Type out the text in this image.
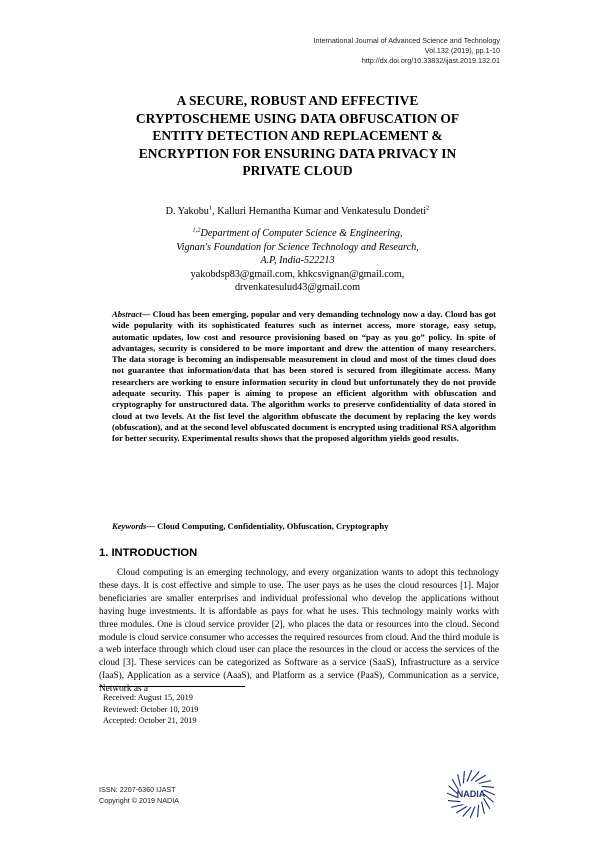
International Journal of Advanced Science and Technology
Vol.132 (2019), pp.1-10
http://dx.doi.org/10.33832/ijast.2019.132.01
A SECURE, ROBUST AND EFFECTIVE
CRYPTOSCHEME USING DATA OBFUSCATION OF
ENTITY DETECTION AND REPLACEMENT &
ENCRYPTION FOR ENSURING DATA PRIVACY IN
PRIVATE CLOUD
D. Yakobu$^1$, Kalluri Hemantha Kumar and Venkatesulu Dondeti$^2$
$^{1,2}$Department of Computer Science & Engineering,
Vignan's Foundation for Science Technology and Research,
A.P, India-522213
yakobdsp83@gmail.com, khkcsvignan@gmail.com,
drvenkatesulud43@gmail.com
Abstract— Cloud has been emerging, popular and very demanding technology now a day. Cloud has got wide popularity with its sophisticated features such as internet access, more storage, easy setup, automatic updates, low cost and resource provisioning based on “pay as you go” policy. In spite of advantages, security is considered to be more important and drew the attention of many researchers. The data storage is becoming an indispensable measurement in cloud and most of the times cloud does not guarantee that information/data that has been stored is secured from illegitimate access. Many researchers are working to ensure information security in cloud but unfortunately they do not provide adequate security. This paper is aiming to propose an efficient algorithm with obfuscation and cryptography for unstructured data. The algorithm works to preserve confidentiality of data stored in cloud at two levels. At the fist level the algorithm obfuscate the document by replacing the key words (obfuscation), and at the second level obfuscated document is encrypted using traditional RSA algorithm for better security. Experimental results shows that the proposed algorithm yields good results.
Keywords— Cloud Computing, Confidentiality, Obfuscation, Cryptography
1. INTRODUCTION
Cloud computing is an emerging technology, and every organization wants to adopt this technology these days. It is cost effective and simple to use. The user pays as he uses the cloud resources [1]. Major beneficiaries are smaller enterprises and individual professional who develop the applications without having huge investments. It is affordable as pays for what he uses. This technology mainly works with three modules. One is cloud service provider [2], who places the data or resources into the cloud. Second module is cloud service consumer who accesses the required resources from cloud. And the third module is a web interface through which cloud user can place the resources in the cloud or access the services of the cloud [3]. These services can be categorized as Software as a service (SaaS), Infrastructure as a service (IaaS), Application as a service (AaaS), and Platform as a service (PaaS), Communication as a service, Network as a
Received: August 15, 2019
Reviewed: October 10, 2019
Accepted: October 21, 2019
ISSN: 2207-6360 IJAST
Copyright © 2019 NADIA
NADIA
